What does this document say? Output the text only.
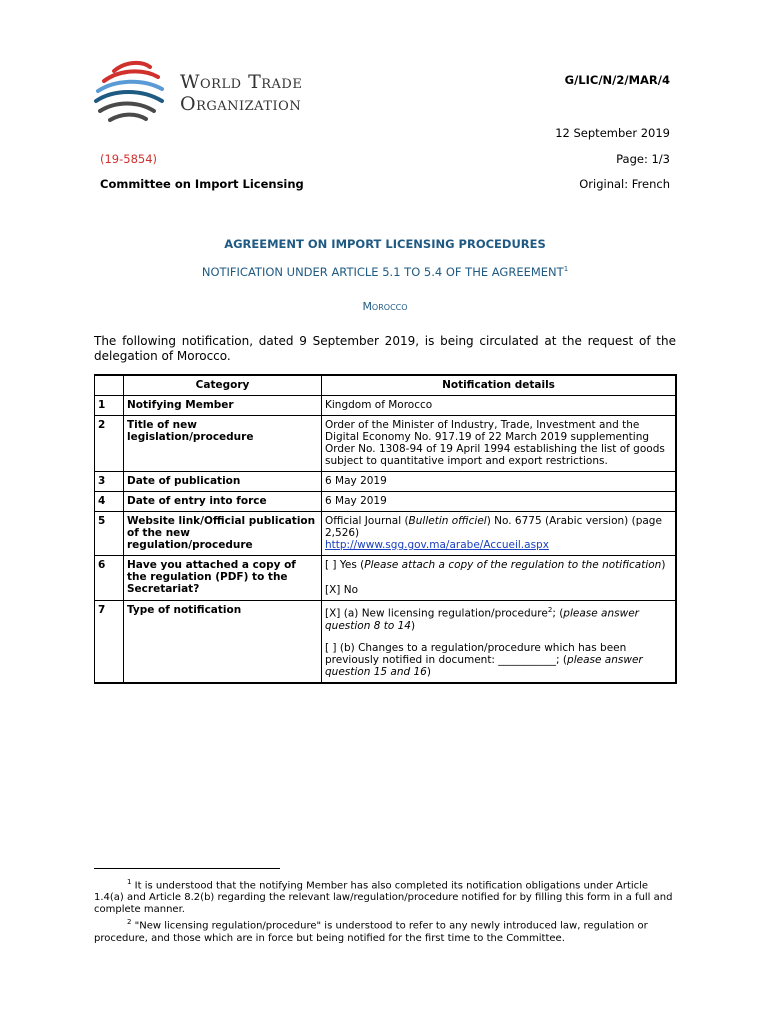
World Trade
Organization
G/LIC/N/2/MAR/4
12 September 2019
(19-5854)	Page: 1/3
Committee on Import Licensing	Original: French
AGREEMENT ON IMPORT LICENSING PROCEDURES
NOTIFICATION UNDER ARTICLE 5.1 TO 5.4 OF THE AGREEMENT$^1$
Morocco
The following notification, dated 9 September 2019, is being circulated at the request of the delegation of Morocco.
	Category	Notification details
1	Notifying Member	Kingdom of Morocco
2	Title of new legislation/procedure	Order of the Minister of Industry, Trade, Investment and the Digital Economy No. 917.19 of 22 March 2019 supplementing Order No. 1308-94 of 19 April 1994 establishing the list of goods subject to quantitative import and export restrictions.
3	Date of publication	6 May 2019
4	Date of entry into force	6 May 2019
5	Website link/Official publication of the new regulation/procedure	Official Journal (Bulletin officiel) No. 6775 (Arabic version) (page 2,526)
http://www.sgg.gov.ma/arabe/Accueil.aspx
6	Have you attached a copy of the regulation (PDF) to the Secretariat?	[ ] Yes (Please attach a copy of the regulation to the notification)

[X] No

7	Type of notification	[X] (a) New licensing regulation/procedure$^2$; (please answer question 8 to 14)

[ ] (b) Changes to a regulation/procedure which has been previously notified in document: ___________; (please answer question 15 and 16)

$^1$ It is understood that the notifying Member has also completed its notification obligations under Article 1.4(a) and Article 8.2(b) regarding the relevant law/regulation/procedure notified for by filling this form in a full and complete manner.

$^2$ "New licensing regulation/procedure" is understood to refer to any newly introduced law, regulation or procedure, and those which are in force but being notified for the first time to the Committee.
